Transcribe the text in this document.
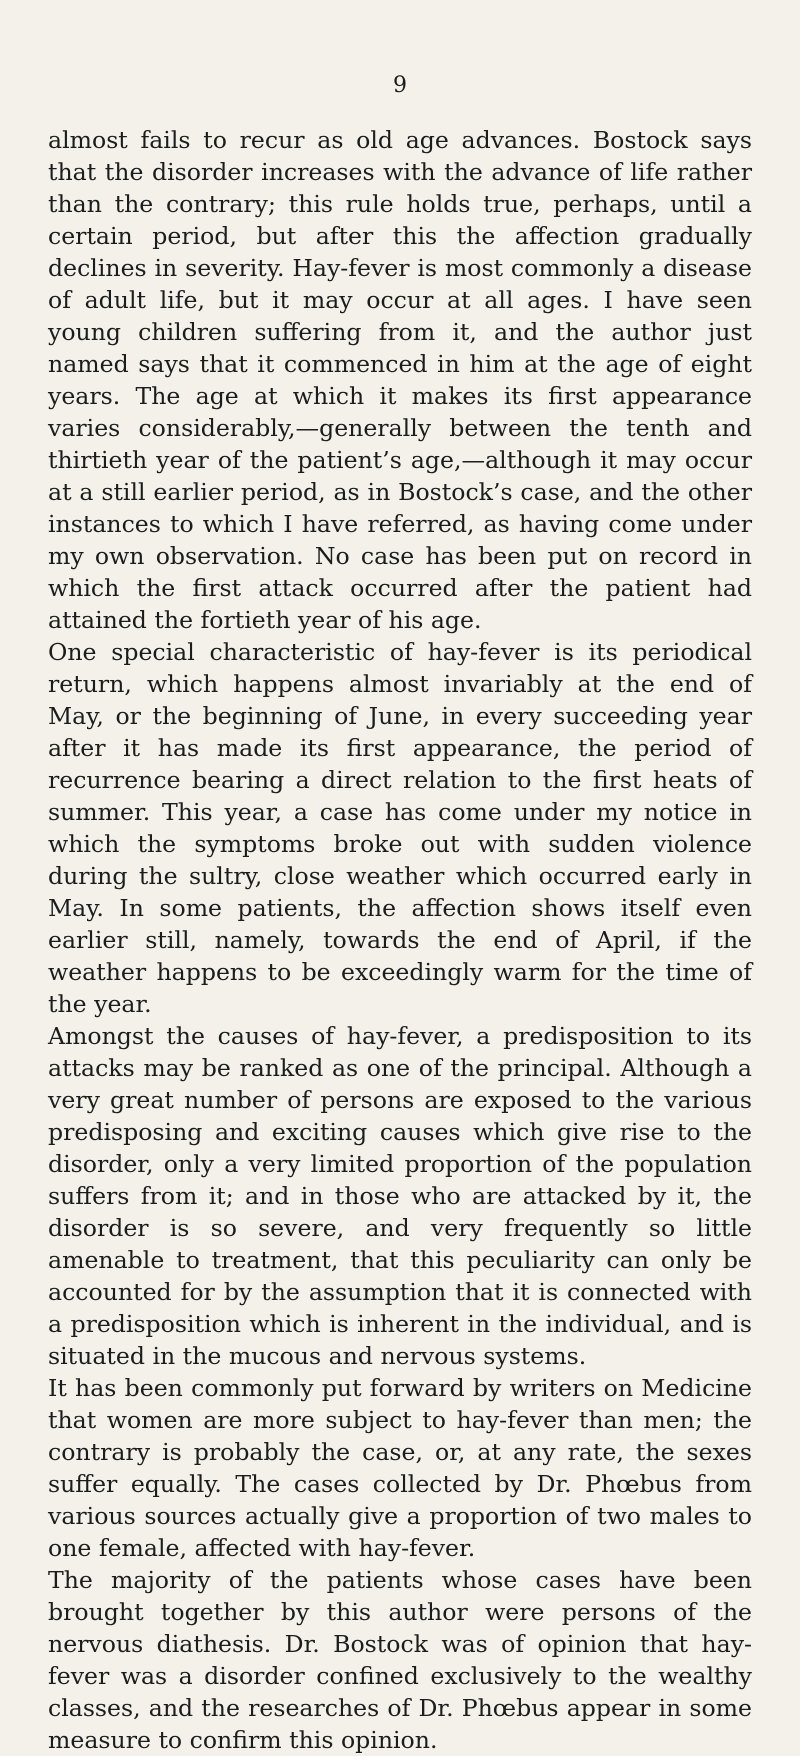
9

almost fails to recur as old age advances. Bostock says that the disorder increases with the advance of life rather than the contrary; this rule holds true, perhaps, until a certain period, but after this the affection gradually declines in severity. Hay-fever is most commonly a disease of adult life, but it may occur at all ages. I have seen young children suffering from it, and the author just named says that it commenced in him at the age of eight years. The age at which it makes its first appearance varies considerably,—generally between the tenth and thirtieth year of the patient’s age,—although it may occur at a still earlier period, as in Bostock’s case, and the other instances to which I have referred, as having come under my own observation. No case has been put on record in which the first attack occurred after the patient had attained the fortieth year of his age.

One special characteristic of hay-fever is its periodical return, which happens almost invariably at the end of May, or the beginning of June, in every succeeding year after it has made its first appearance, the period of recurrence bearing a direct relation to the first heats of summer. This year, a case has come under my notice in which the symptoms broke out with sudden violence during the sultry, close weather which occurred early in May. In some patients, the affection shows itself even earlier still, namely, towards the end of April, if the weather happens to be exceedingly warm for the time of the year.

Amongst the causes of hay-fever, a predisposition to its attacks may be ranked as one of the principal. Although a very great number of persons are exposed to the various predisposing and exciting causes which give rise to the disorder, only a very limited proportion of the population suffers from it; and in those who are attacked by it, the disorder is so severe, and very frequently so little amenable to treatment, that this peculiarity can only be accounted for by the assumption that it is connected with a predisposition which is inherent in the individual, and is situated in the mucous and nervous systems.

It has been commonly put forward by writers on Medicine that women are more subject to hay-fever than men; the contrary is probably the case, or, at any rate, the sexes suffer equally. The cases collected by Dr. Phœbus from various sources actually give a proportion of two males to one female, affected with hay-fever.

The majority of the patients whose cases have been brought together by this author were persons of the nervous diathesis. Dr. Bostock was of opinion that hay-fever was a disorder confined exclusively to the wealthy classes, and the researches of Dr. Phœbus appear in some measure to confirm this opinion.
